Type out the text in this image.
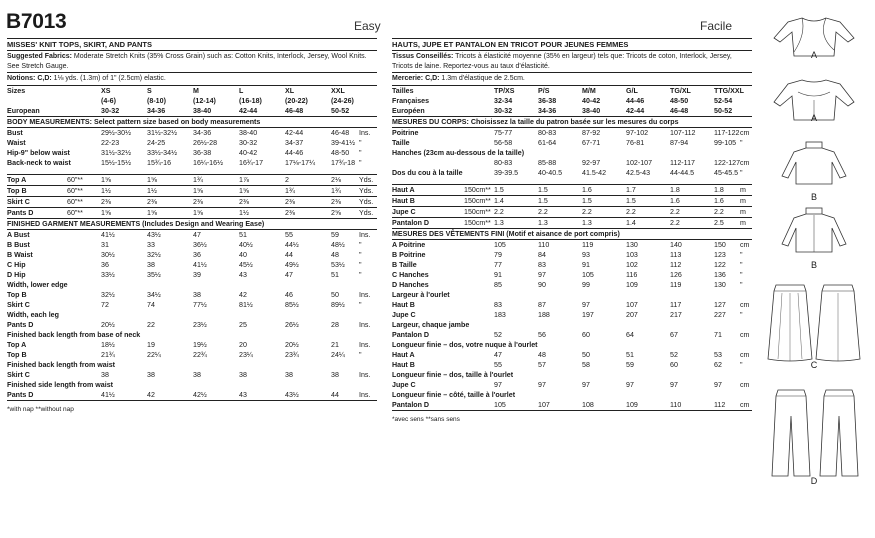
B7013	Easy	Facile
MISSES' KNIT TOPS, SKIRT, AND PANTS
Suggested Fabrics: Moderate Stretch Knits (35% Cross Grain) such as: Cotton Knits, Interlock, Jersey, Wool Knits. See Stretch Gauge.
Notions: C,D: 1⅛ yds. (1.3m) of 1" (2.5cm) elastic.
Sizes		XS	S	M	L	XL	XXL	
		(4-6)	(8-10)	(12-14)	(16-18)	(20-22)	(24-26)	
European		30-32	34-36	38-40	42-44	46-48	50-52	
BODY MEASUREMENTS: Select pattern size based on body measurements								
Bust		29½-30½	31½-32½	34-36	38-40	42-44	46-48	Ins.
Waist		22-23	24-25	26½-28	30-32	34-37	39-41½	"
Hip-9" below waist		31½-32½	33½-34½	36-38	40-42	44-46	48-50	"
Back-neck to waist		15½-15½	15¾-16	16¼-16½	16¾-17	17⅛-17¼	17¾-18	"

Top A	60"**	1⅝	1⅝	1¾	1⅞	2	2⅛	Yds.
Top B	60"**	1½	1½	1⅝	1⅝	1¾	1¾	Yds.
Skirt C	60"**	2⅜	2⅜	2⅜	2⅜	2⅜	2⅜	Yds.
Pants D	60"**	1⅝	1⅝	1⅝	1½	2⅜	2⅝	Yds.
FINISHED GARMENT MEASUREMENTS (Includes Design and Wearing Ease)								
A Bust		41½	43½	47	51	55	59	Ins.
B Bust		31	33	36½	40½	44½	48½	"
B Waist		30½	32½	36	40	44	48	"
C Hip		36	38	41½	45½	49½	53½	"
D Hip		33½	35½	39	43	47	51	"
Width, lower edge								
Top B		32½	34½	38	42	46	50	Ins.
Skirt C		72	74	77½	81½	85½	89½	"
Width, each leg								
Pants D		20½	22	23½	25	26½	28	Ins.
Finished back length from base of neck								
Top A		18½	19	19½	20	20½	21	Ins.
Top B		21¾	22¼	22¾	23¼	23¾	24¼	"
Finished back length from waist								
Skirt C		38	38	38	38	38	38	Ins.
Finished side length from waist								
Pants D		41½	42	42½	43	43½	44	Ins.
*with nap **without nap
HAUTS, JUPE ET PANTALON EN TRICOT POUR JEUNES FEMMES
Tissus Conseillés: Tricots à élasticité moyenne (35% en largeur) tels que: Tricots de coton, Interlock, Jersey, Tricots de laine. Reportez-vous au taux d'élasticité.
Mercerie: C,D: 1.3m d'élastique de 2.5cm.
Tailles		TP/XS	P/S	M/M	G/L	TG/XL	TTG/XXL	
Françaises		32-34	36-38	40-42	44-46	48-50	52-54	
Européen		30-32	34-36	38-40	42-44	46-48	50-52	
MESURES DU CORPS: Choisissez la taille du patron basée sur les mesures du corps								
Poitrine		75-77	80-83	87-92	97-102	107-112	117-122	cm
Taille		56-58	61-64	67-71	76-81	87-94	99-105	"
Hanches (23cm au-dessous de la taille)								
		80-83	85-88	92-97	102-107	112-117	122-127	cm
Dos du cou à la taille		39-39.5	40-40.5	41.5-42	42.5-43	44-44.5	45-45.5	"

Haut A	150cm**	1.5	1.5	1.6	1.7	1.8	1.8	m
Haut B	150cm**	1.4	1.5	1.5	1.5	1.6	1.6	m
Jupe C	150cm**	2.2	2.2	2.2	2.2	2.2	2.2	m
Pantalon D	150cm**	1.3	1.3	1.3	1.4	2.2	2.5	m
MESURES DES VÊTEMENTS FINI (Motif et aisance de port compris)								
A Poitrine		105	110	119	130	140	150	cm
B Poitrine		79	84	93	103	113	123	"
B Taille		77	83	91	102	112	122	"
C Hanches		91	97	105	116	126	136	"
D Hanches		85	90	99	109	119	130	"
Largeur à l'ourlet								
Haut B		83	87	97	107	117	127	cm
Jupe C		183	188	197	207	217	227	"
Largeur, chaque jambe								
Pantalon D		52	56	60	64	67	71	cm
Longueur finie – dos, votre nuque à l'ourlet								
Haut A		47	48	50	51	52	53	cm
Haut B		55	57	58	59	60	62	"
Longueur finie – dos, taille à l'ourlet								
Jupe C		97	97	97	97	97	97	cm
Longueur finie – côté, taille à l'ourlet								
Pantalon D		105	107	108	109	110	112	cm
*avec sens **sans sens
A
A
B
B
C
D
